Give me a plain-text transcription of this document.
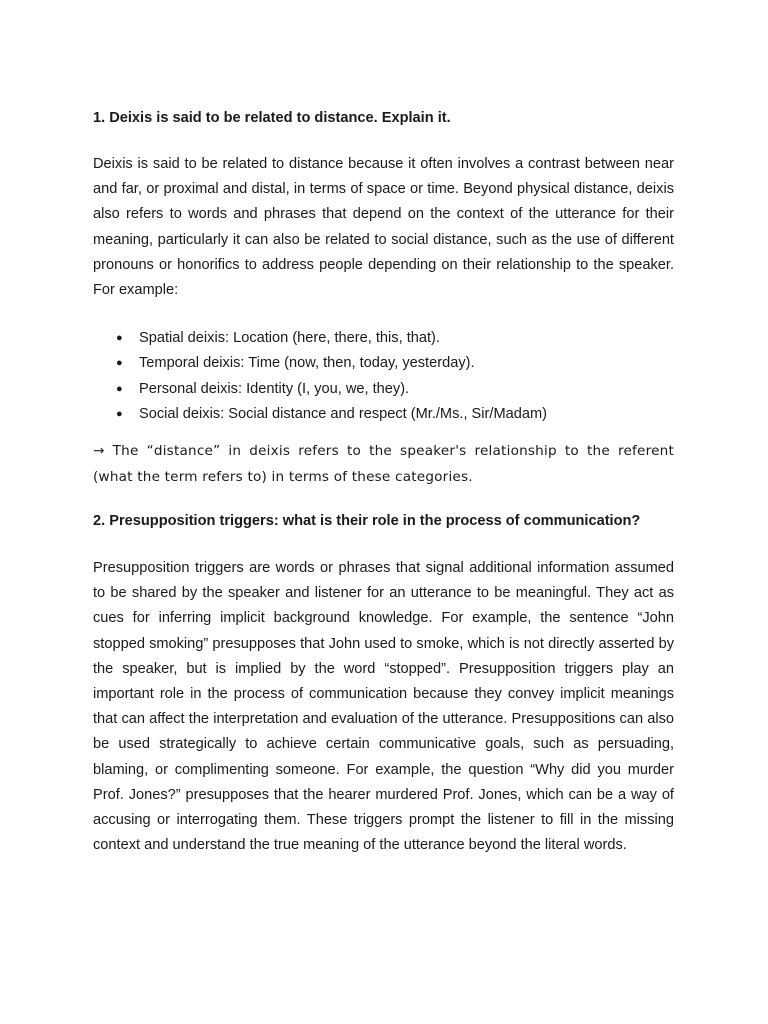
1. Deixis is said to be related to distance. Explain it.

Deixis is said to be related to distance because it often involves a contrast between near and far, or proximal and distal, in terms of space or time. Beyond physical distance, deixis also refers to words and phrases that depend on the context of the utterance for their meaning, particularly it can also be related to social distance, such as the use of different pronouns or honorifics to address people depending on their relationship to the speaker. For example:

● Spatial deixis: Location (here, there, this, that).
● Temporal deixis: Time (now, then, today, yesterday).
● Personal deixis: Identity (I, you, we, they).
● Social deixis: Social distance and respect (Mr./Ms., Sir/Madam)

→ The “distance” in deixis refers to the speaker's relationship to the referent (what the term refers to) in terms of these categories.

2. Presupposition triggers: what is their role in the process of communication?

Presupposition triggers are words or phrases that signal additional information assumed to be shared by the speaker and listener for an utterance to be meaningful. They act as cues for inferring implicit background knowledge. For example, the sentence “John stopped smoking” presupposes that John used to smoke, which is not directly asserted by the speaker, but is implied by the word “stopped”. Presupposition triggers play an important role in the process of communication because they convey implicit meanings that can affect the interpretation and evaluation of the utterance. Presuppositions can also be used strategically to achieve certain communicative goals, such as persuading, blaming, or complimenting someone. For example, the question “Why did you murder Prof. Jones?” presupposes that the hearer murdered Prof. Jones, which can be a way of accusing or interrogating them. These triggers prompt the listener to fill in the missing context and understand the true meaning of the utterance beyond the literal words.
